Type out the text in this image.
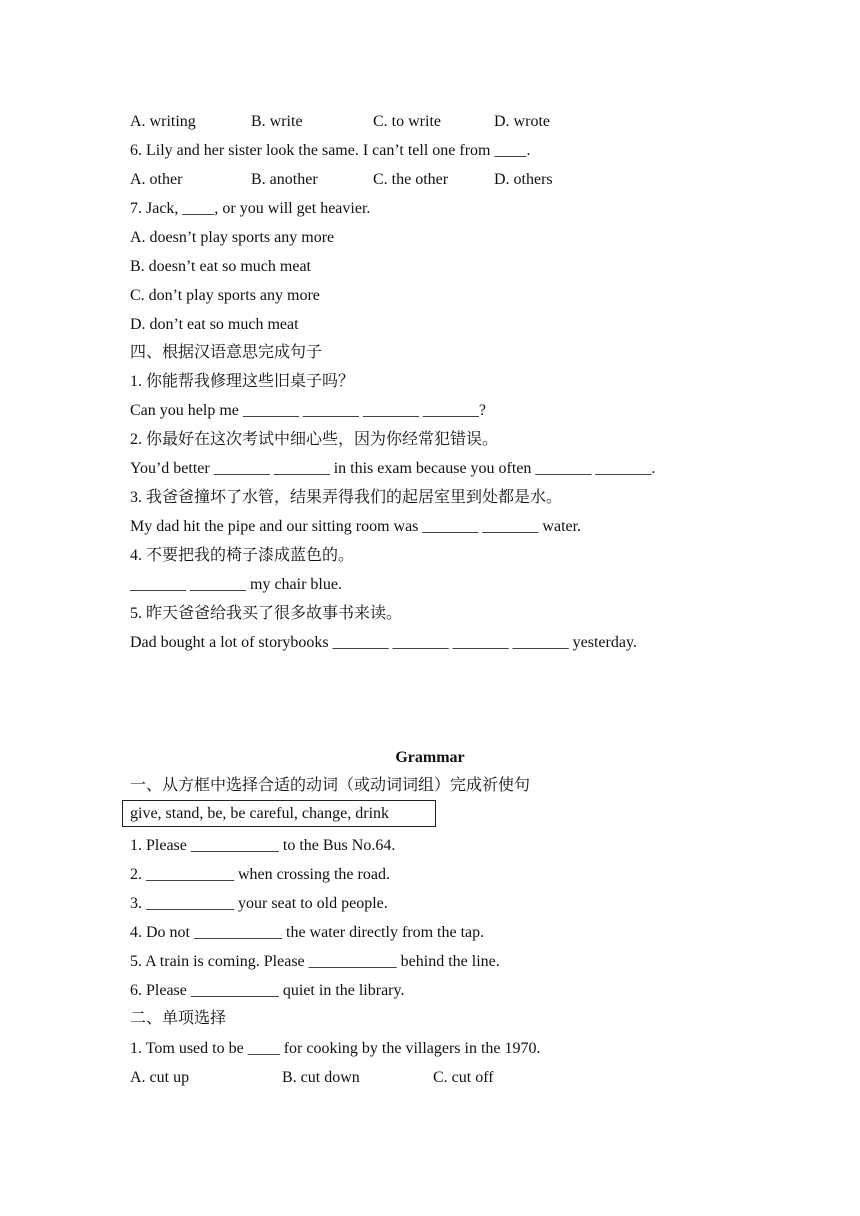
A. writing	B. write	C. to write	D. wrote
6. Lily and her sister look the same. I can’t tell one from ____.
A. other	B. another	C. the other	D. others
7. Jack, ____, or you will get heavier.
A. doesn’t play sports any more
B. doesn’t eat so much meat
C. don’t play sports any more
D. don’t eat so much meat
四、根据汉语意思完成句子
1. 你能帮我修理这些旧桌子吗？
Can you help me _______ _______ _______ _______?
2. 你最好在这次考试中细心些，因为你经常犯错误。
You’d better _______ _______ in this exam because you often _______ _______.
3. 我爸爸撞坏了水管，结果弄得我们的起居室里到处都是水。
My dad hit the pipe and our sitting room was _______ _______ water.
4. 不要把我的椅子漆成蓝色的。
_______ _______ my chair blue.
5. 昨天爸爸给我买了很多故事书来读。
Dad bought a lot of storybooks _______ _______ _______ _______ yesterday.
Grammar
一、从方框中选择合适的动词（或动词词组）完成祈使句
give, stand, be, be careful, change, drink
1. Please ___________ to the Bus No.64.
2. ___________ when crossing the road.
3. ___________ your seat to old people.
4. Do not ___________ the water directly from the tap.
5. A train is coming. Please ___________ behind the line.
6. Please ___________ quiet in the library.
二、单项选择
1. Tom used to be ____ for cooking by the villagers in the 1970.
A. cut up	B. cut down	C. cut off
